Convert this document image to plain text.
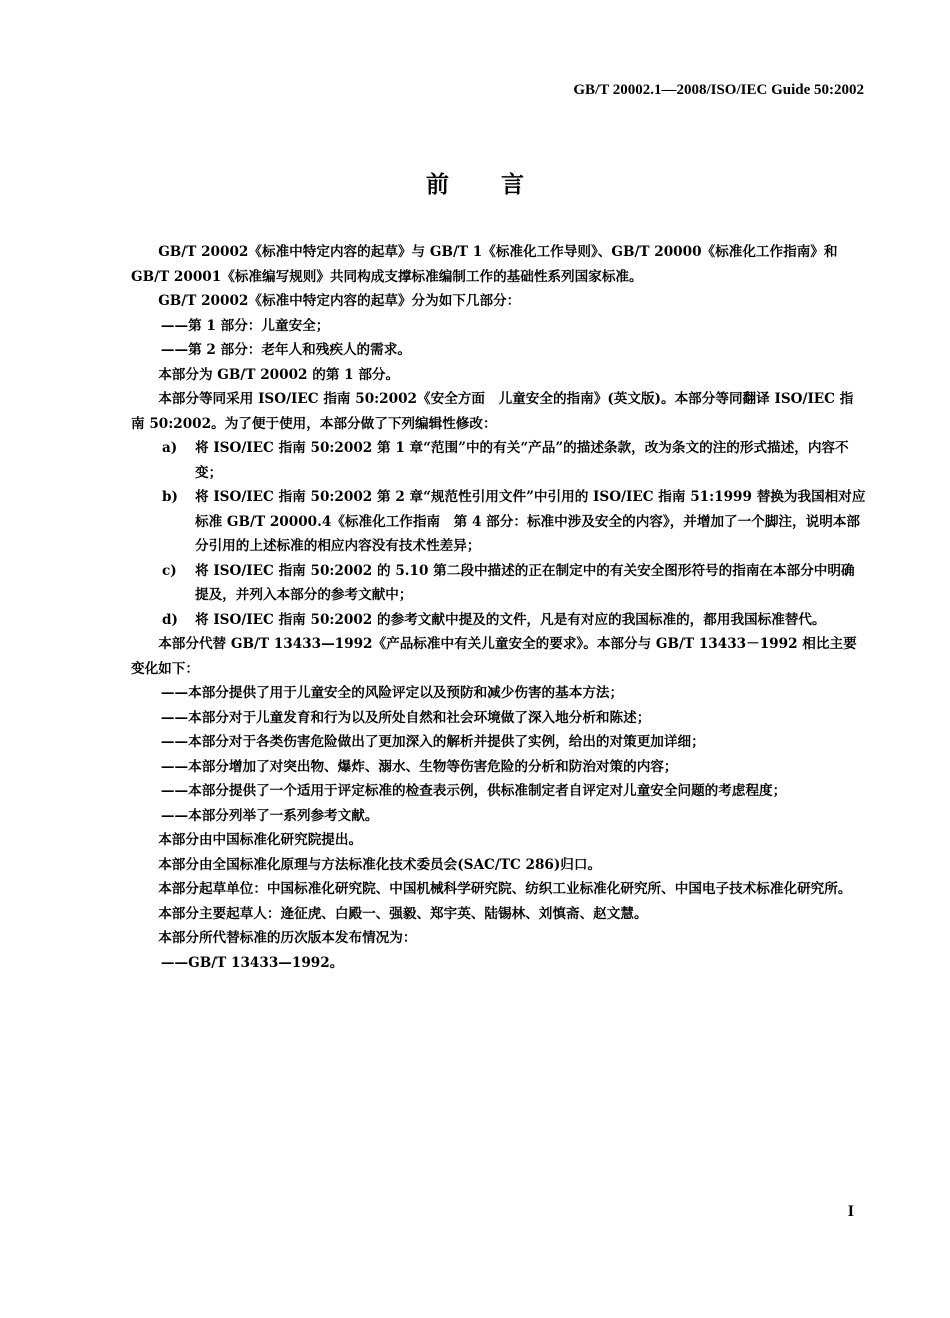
GB/T 20002.1—2008/ISO/IEC Guide 50:2002
前言

GB/T 20002《标准中特定内容的起草》与 GB/T 1《标准化工作导则》、GB/T 20000《标准化工作指南》和 GB/T 20001《标准编写规则》共同构成支撑标准编制工作的基础性系列国家标准。

GB/T 20002《标准中特定内容的起草》分为如下几部分：

——第 1 部分：儿童安全；

——第 2 部分：老年人和残疾人的需求。

本部分为 GB/T 20002 的第 1 部分。

本部分等同采用 ISO/IEC 指南 50:2002《安全方面　儿童安全的指南》(英文版)。本部分等同翻译 ISO/IEC 指南 50:2002。为了便于使用，本部分做了下列编辑性修改：

a)	将 ISO/IEC 指南 50:2002 第 1 章“范围”中的有关“产品”的描述条款，改为条文的注的形式描述，内容不变；
b)	将 ISO/IEC 指南 50:2002 第 2 章“规范性引用文件”中引用的 ISO/IEC 指南 51:1999 替换为我国相对应标准 GB/T 20000.4《标准化工作指南　第 4 部分：标准中涉及安全的内容》，并增加了一个脚注，说明本部分引用的上述标准的相应内容没有技术性差异；
c)	将 ISO/IEC 指南 50:2002 的 5.10 第二段中描述的正在制定中的有关安全图形符号的指南在本部分中明确提及，并列入本部分的参考文献中；
d)	将 ISO/IEC 指南 50:2002 的参考文献中提及的文件，凡是有对应的我国标准的，都用我国标准替代。

本部分代替 GB/T 13433—1992《产品标准中有关儿童安全的要求》。本部分与 GB/T 13433－1992 相比主要变化如下：

——本部分提供了用于儿童安全的风险评定以及预防和减少伤害的基本方法；

——本部分对于儿童发育和行为以及所处自然和社会环境做了深入地分析和陈述；

——本部分对于各类伤害危险做出了更加深入的解析并提供了实例，给出的对策更加详细；

——本部分增加了对突出物、爆炸、溺水、生物等伤害危险的分析和防治对策的内容；

——本部分提供了一个适用于评定标准的检查表示例，供标准制定者自评定对儿童安全问题的考虑程度；

——本部分列举了一系列参考文献。

本部分由中国标准化研究院提出。

本部分由全国标准化原理与方法标准化技术委员会(SAC/TC 286)归口。

本部分起草单位：中国标准化研究院、中国机械科学研究院、纺织工业标准化研究所、中国电子技术标准化研究所。

本部分主要起草人：逄征虎、白殿一、强毅、郑宇英、陆锡林、刘慎斋、赵文慧。

本部分所代替标准的历次版本发布情况为：

——GB/T 13433—1992。

I
